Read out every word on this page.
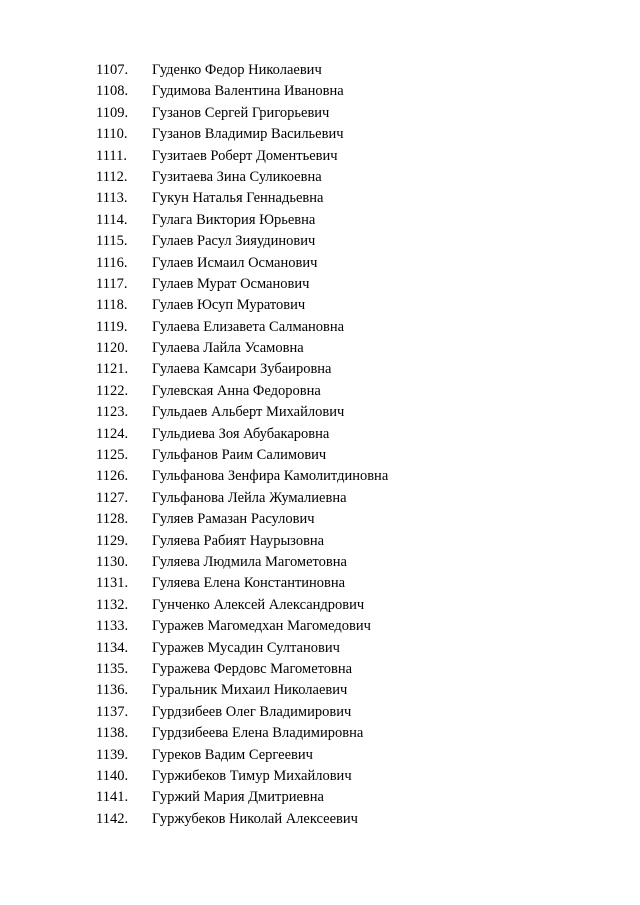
1107.	Гуденко Федор Николаевич
1108.	Гудимова Валентина Ивановна
1109.	Гузанов Сергей Григорьевич
1110.	Гузанов Владимир Васильевич
1111.	Гузитаев Роберт Доментьевич
1112.	Гузитаева Зина Суликоевна
1113.	Гукун Наталья Геннадьевна
1114.	Гулага Виктория Юрьевна
1115.	Гулаев Расул Зияудинович
1116.	Гулаев Исмаил Османович
1117.	Гулаев Мурат Османович
1118.	Гулаев Юсуп Муратович
1119.	Гулаева Елизавета Салмановна
1120.	Гулаева Лайла Усамовна
1121.	Гулаева Камсари Зубаировна
1122.	Гулевская Анна Федоровна
1123.	Гульдаев Альберт Михайлович
1124.	Гульдиева Зоя Абубакаровна
1125.	Гульфанов Раим Салимович
1126.	Гульфанова Зенфира Камолитдиновна
1127.	Гульфанова Лейла Жумалиевна
1128.	Гуляев Рамазан Расулович
1129.	Гуляева Рабият Наурызовна
1130.	Гуляева Людмила Магометовна
1131.	Гуляева Елена Константиновна
1132.	Гунченко Алексей Александрович
1133.	Гуражев Магомедхан Магомедович
1134.	Гуражев Мусадин Султанович
1135.	Гуражева Фердовс Магометовна
1136.	Гуральник Михаил Николаевич
1137.	Гурдзибеев Олег Владимирович
1138.	Гурдзибеева Елена Владимировна
1139.	Гуреков Вадим Сергеевич
1140.	Гуржибеков Тимур Михайлович
1141.	Гуржий Мария Дмитриевна
1142.	Гуржубеков Николай Алексеевич
